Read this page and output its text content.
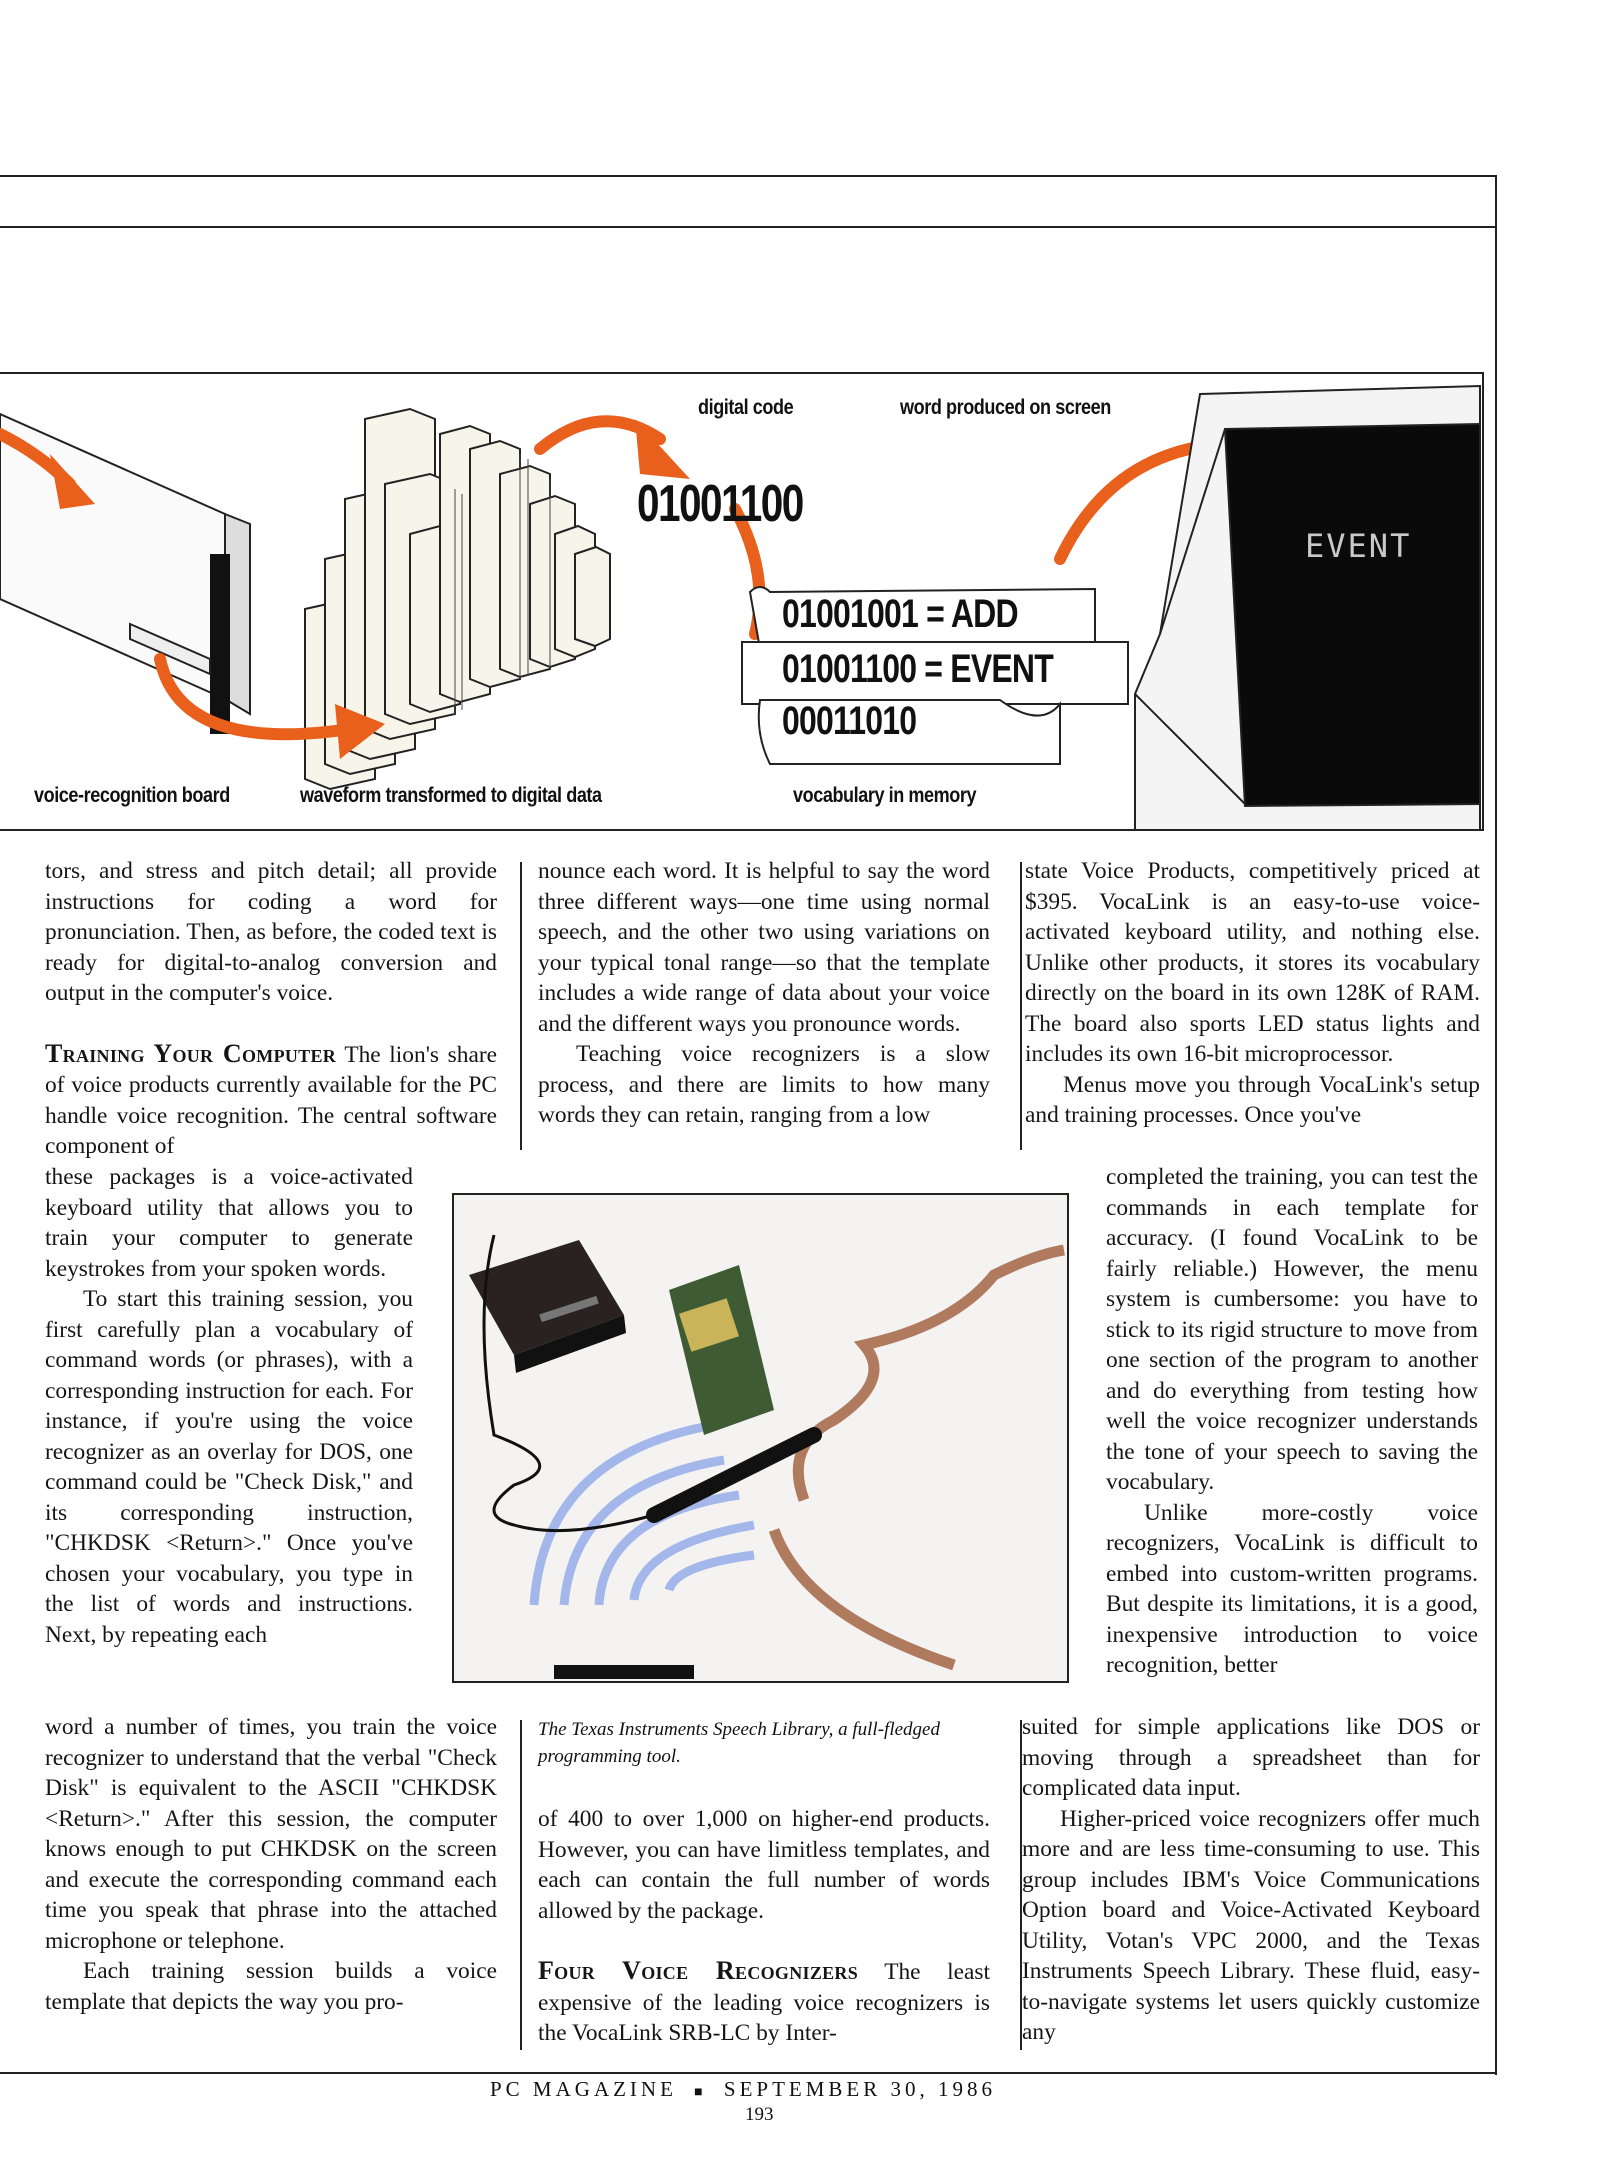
digital code	word produced on screen
01001100
01001001 = ADD
01001100 = EVENT
00011010
EVENT
voice-recognition board	waveform transformed to digital data	vocabulary in memory

tors, and stress and pitch detail; all provide instructions for coding a word for pronunciation. Then, as before, the coded text is ready for digital-to-analog conversion and output in the computer's voice.

Training Your Computer The lion's share of voice products currently available for the PC handle voice recognition. The central software component of

these packages is a voice-activated keyboard utility that allows you to train your computer to generate keystrokes from your spoken words.

To start this training session, you first carefully plan a vocabulary of command words (or phrases), with a corresponding instruction for each. For instance, if you're using the voice recognizer as an overlay for DOS, one command could be "Check Disk," and its corresponding instruction, "CHKDSK <Return>." Once you've chosen your vocabulary, you type in the list of words and instructions. Next, by repeating each

word a number of times, you train the voice recognizer to understand that the verbal "Check Disk" is equivalent to the ASCII "CHKDSK <Return>." After this session, the computer knows enough to put CHKDSK on the screen and execute the corresponding command each time you speak that phrase into the attached microphone or telephone.

Each training session builds a voice template that depicts the way you pro-

nounce each word. It is helpful to say the word three different ways—one time using normal speech, and the other two using variations on your typical tonal range—so that the template includes a wide range of data about your voice and the different ways you pronounce words.

Teaching voice recognizers is a slow process, and there are limits to how many words they can retain, ranging from a low

The Texas Instruments Speech Library, a full-fledged programming tool.

of 400 to over 1,000 on higher-end products. However, you can have limitless templates, and each can contain the full number of words allowed by the package.

Four Voice Recognizers The least expensive of the leading voice recognizers is the VocaLink SRB-LC by Inter-

state Voice Products, competitively priced at $395. VocaLink is an easy-to-use voice-activated keyboard utility, and nothing else. Unlike other products, it stores its vocabulary directly on the board in its own 128K of RAM. The board also sports LED status lights and includes its own 16-bit microprocessor.

Menus move you through VocaLink's setup and training processes. Once you've

completed the training, you can test the commands in each template for accuracy. (I found VocaLink to be fairly reliable.) However, the menu system is cumbersome: you have to stick to its rigid structure to move from one section of the program to another and do everything from testing how well the voice recognizer understands the tone of your speech to saving the vocabulary.

Unlike more-costly voice recognizers, VocaLink is difficult to embed into custom-written programs. But despite its limitations, it is a good, inexpensive introduction to voice recognition, better

suited for simple applications like DOS or moving through a spreadsheet than for complicated data input.

Higher-priced voice recognizers offer much more and are less time-consuming to use. This group includes IBM's Voice Communications Option board and Voice-Activated Keyboard Utility, Votan's VPC 2000, and the Texas Instruments Speech Library. These fluid, easy-to-navigate systems let users quickly customize any

PC MAGAZINE ■ SEPTEMBER 30, 1986
193
